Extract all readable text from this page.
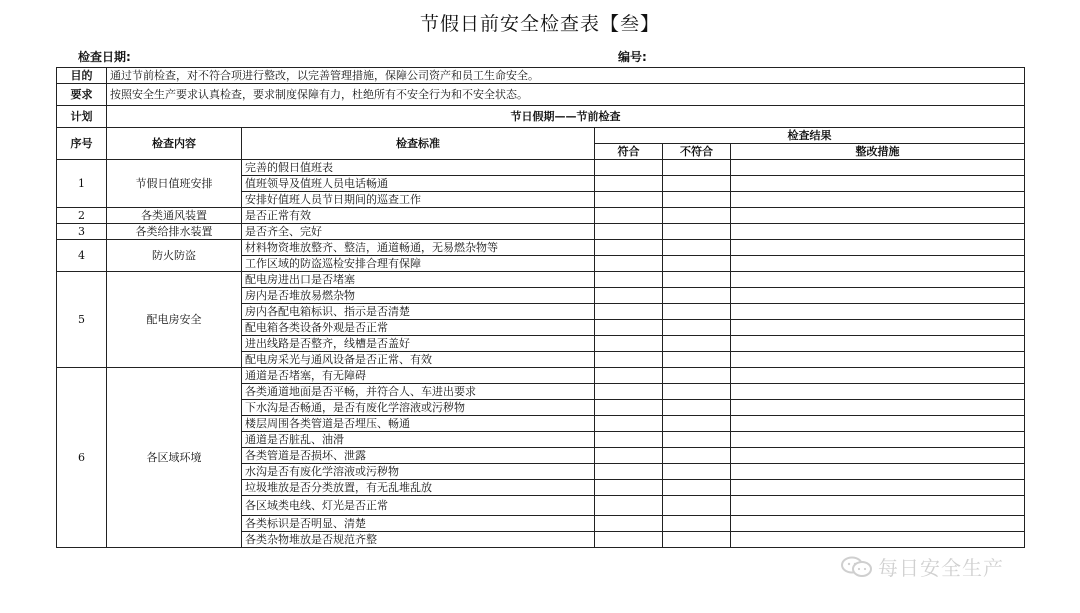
节假日前安全检查表【叁】
检查日期:	编号:
目的	通过节前检查，对不符合项进行整改，以完善管理措施，保障公司资产和员工生命安全。				
要求	按照安全生产要求认真检查，要求制度保障有力，杜绝所有不安全行为和不安全状态。				
计划	节日假期——节前检查				
序号	检查内容	检查标准	检查结果		
			符合	不符合	整改措施
1	节假日值班安排	完善的假日值班表			
		值班领导及值班人员电话畅通			
		安排好值班人员节日期间的巡查工作			
2	各类通风装置	是否正常有效			
3	各类给排水装置	是否齐全、完好			
4	防火防盗	材料物资堆放整齐、整洁，通道畅通，无易燃杂物等			
		工作区域的防盗巡检安排合理有保障			
5	配电房安全	配电房进出口是否堵塞			
		房内是否堆放易燃杂物			
		房内各配电箱标识、指示是否清楚			
		配电箱各类设备外观是否正常			
		进出线路是否整齐，线槽是否盖好			
		配电房采光与通风设备是否正常、有效			
6	各区域环境	通道是否堵塞，有无障碍			
		各类通道地面是否平畅，并符合人、车进出要求			
		下水沟是否畅通，是否有废化学溶液或污秽物			
		楼层周围各类管道是否埋压、畅通			
		通道是否脏乱、油滑			
		各类管道是否损坏、泄露			
		水沟是否有废化学溶液或污秽物			
		垃圾堆放是否分类放置，有无乱堆乱放			
		各区域类电线、灯光是否正常			
		各类标识是否明显、清楚			
		各类杂物堆放是否规范齐整			
每日安全生产
